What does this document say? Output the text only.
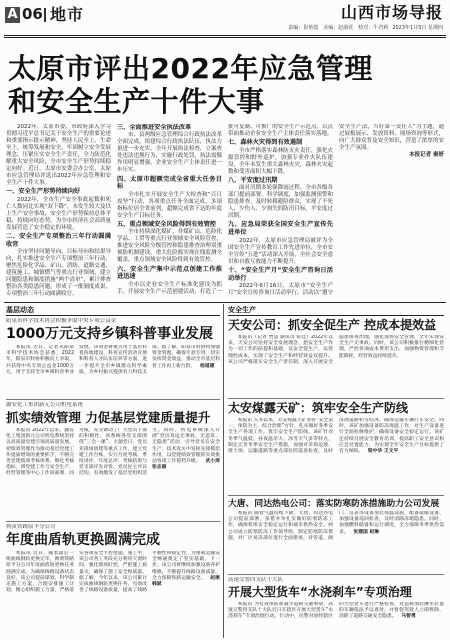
A 06 地市	山西市场导报
责编：崔艳霞　美编：赵淑花　校对：牛君莉 2023年1月5日 星期四
太原市评出2022年应急管理
和安全生产十件大事

2022年，太原市委、市政府深入学习贯彻习近平总书记关于安全生产的重要论述和重要指示批示精神，坚持人民至上、生命至上，统筹发展和安全，牢固树立安全发展理念，压紧压实安全生产责任，全力防范化解重大安全风险，全市安全生产形势持续稳定向好。近日，太原市安委会办公室、太原市应急管理局评选出2022年应急管理和安全生产十件大事。

一、安全生产形势持续向好

2022年，全市生产安全事故起数和死亡人数同比实现“双下降”，未发生较大及以上生产安全事故，安全生产形势保持总体平稳、持续向好态势，为全市经济社会高质量发展营造了安全稳定的环境。

二、安全生产专项整治三年行动圆满收官

全市坚持问题导向、目标导向和结果导向，扎实推进安全生产专项整治三年行动，聚焦危险化学品、矿山、消防、道路交通、建筑施工、城镇燃气等重点行业领域，建立问题隐患和制度措施“两个清单”，累计排查整治各类隐患问题，形成了一批制度成果，专项整治三年行动圆满收官。

三、全面推进安全执法改革

市、县两级应急管理综合行政执法改革全面完成，组建综合行政执法队伍，执法力量进一步充实。全年开展执法检查，立案查处违法违规行为，实施行政处罚，执法震慑作用明显增强，企业安全生产主体责任进一步压实。

四、太原市超额完成全省重大任务目标

全市扎实开展安全生产大检查和“百日攻坚”行动，各项重点任务全面完成，多项指标位居全省前列，超额完成省下达的年度安全生产目标任务。

五、重点领域安全风险得到有效管控

全市持续深化煤矿、非煤矿山、危险化学品、工贸等重点行业领域安全风险管控，推进安全风险分级管控和隐患排查治理双重预防机制建设，重大危险源实现在线监测全覆盖，重点领域安全风险得到有效管控。

六、安全生产集中示范点创建工作推进迅速

全市以企业安全生产标准化建设为抓手，开展安全生产示范创建活动，打造了一批可复制、可推广的安全生产示范点，以点带面推动企业安全生产主体责任落实落地。

七、森林火灾得到有效遏制

全市严格落实森林防灭火责任，强化火源管控和野外巡护，加强专业扑火队伍建设，全年未发生重大森林火灾，森林火灾起数和受害面积大幅下降。

八、平安度过汛期

面对汛期多轮强降雨过程，全市各级各部门提前部署、科学调度，加强监测预警和隐患排查，及时转移避险群众，实现了不死人、少伤人、少损失的防汛目标，平安度过汛期。

九、应急局荣获全国安全生产宣传先进单位

2022年，太原市应急管理局被评为全国安全生产宣传教育工作先进单位，全市安全宣传“五进”活动深入开展，全社会安全意识和自救互救能力不断提升。

十、“安全生产月”安全生产咨询日活动举行

2022年6月16日，太原市“安全生产月”安全宣传咨询日活动举行。活动以“遵守安全生产法，当好第一责任人”为主题，通过展板展示、发放资料、现场咨询等形式，向广大群众普及安全知识，营造了浓厚的安全生产氛围。

本报记者 秦妍

基层动态
阳泉市科学技术协会积极争取中央专项公益金
1000万元支持乡镇科普事业发展
本报讯 近日，记者从阳泉市科学技术协会获悉，2022年，阳泉市科协积极向上争取，共获得中央专项公益金1000万元，用于支持全市乡镇科普事业发展。该资金将重点用于基层科普阵地建设、科普宣传活动开展和科普人才队伍培养等方面，进一步提升全市乡镇群众科学素质，为乡村振兴提供有力科技支撑。据了解，阳泉市科协将加强资金管理，确保专款专用，切实发挥资金效益，推动全市基层科普工作再上新台阶。 杨道建
潞安化工集团新元公司机电系统
抓实绩效管理 力促基层党建质量提升
本报讯 2022年以来，潞安化工集团新元公司机电系统坚持以高质量党建引领高质量发展，把绩效管理作为推动基层党建工作提质增效的重要抓手，不断完善党建绩效考核体系，细化考核指标，将党建工作与安全生产、经营管理等中心工作同部署、同考核，充分调动了广大党员干部的积极性。该系统各党支部围绕“三会一课”、主题党日、党员先锋岗创建等重点工作，建立党建工作台账，实行月度考核、季度讲评、年度总评，考核结果与党支部评先评优、党员民主评议挂钩，有效激发了基层党组织活力。同时，机电系统深入开展“党员身边无事故、无违章、无隐患”活动，引导党员在安全生产、技术攻关中发挥先锋模范作用，以党建绩效管理的实效推动各项工作提档升级。 武小涛 张志丽
朔黄铁路原平分公司
年度曲盾轨更换圆满完成
本报讯 近日，随着最后一组曲线钢轨更换完毕，朔黄铁路原平分公司年度曲盾轨更换任务圆满完成。为确保线路设备状态良好，该公司提前谋划，科学制定施工方案，合理安排施工计划，精心组织施工力量，严格落实各项安全卡控措施。施工中，该公司各工务段充分利用天窗时间，强化现场盯控，严把施工质量关，确保了施工安全和质量。据了解，今年以来，该公司累计完成曲线钢轨更换任务，有效改善了线路设备质量，提高了线路平顺性和稳定性，为重载运输安全畅通奠定了坚实基础。下一步，该公司将继续加强设备养护维修，不断提升线路设备质量，全力保障铁路运输安全。 赵康 韩斌
安全生产
天安公司：抓安全促生产 控成本提效益
本报讯（记者 贾慧 通讯员 张佳）2022年以来，天安公司坚持安全发展理念，把安全生产作为一切工作的前提和基础，以安全促生产，以管理控成本，实现了安全生产和经营效益双提升。该公司严格落实安全生产责任制，深入开展安全隐患排查治理，强化现场安全管理，全年实现安全生产无事故。同时，该公司积极推行精细化管理，严控各项成本费用支出，加强物资管理和节能降耗，经营效益持续提升。
太安煤露天矿：筑牢安全生产防线
本报讯 入冬以来，太安煤露天矿坚持“安全第一、预防为主、综合治理”方针，扎实做好冬季安全生产各项工作，筑牢安全生产防线。该矿针对冬季气温低、昼夜温差大、冰雪天气多等特点，制定完善冬季安全生产措施，加强对采场边坡、排土场、运输道路等重点部位的巡查检查，及时清理道路积雪结冰，确保运输车辆行车安全。同时，该矿加强设备防冻保温工作，对生产设备进行全面检修维护，确保设备安全稳定运行。该矿还持续开展安全教育培训，提高职工安全意识和应急处置能力，为实现全年安全生产目标提供了有力保障。 梁中华 王文平
大唐、同达热电公司：落实防寒防冻措施助力公司发展
本报讯 随着气温持续下降，大唐、同达热电公司提前部署，多措并举扎实做好防寒防冻工作，确保机组安全稳定运行和城市供热安全。两公司成立防寒防冻工作领导组，制定防寒防冻措施，对厂区易冻部位进行全面排查，对管道、阀门、仪表等设备加装保温设施，配备取暖设备，加强设备巡回检查，及时消除冻堵隐患。同时，加强燃料储备和运行调度，全力保障冬季供热需求。 张建国 赵琳
高速交警四支队十大队
开展大型货车“水浇刹车”专项治理
本报讯 为有效预防和减少道路交通事故，高速交警四支队十大队近日在辖区开展大型货车“水浇刹车”专项治理行动。行动中，民警对途经辖区的大型货车进行严格检查，对违规加装淋水装置的车辆依法予以查处，并督促驾驶人立即拆除，消除了道路交通安全隐患。 马智勇
